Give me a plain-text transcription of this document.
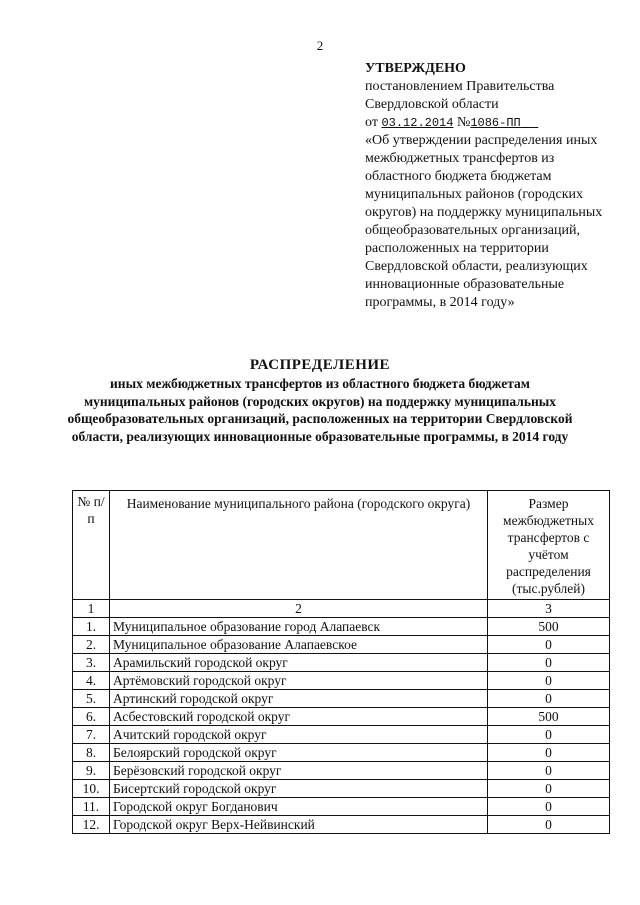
2
УТВЕРЖДЕНО
постановлением Правительства
Свердловской области
от 03.12.2014 №1086-ПП
«Об утверждении распределения иных межбюджетных трансфертов из областного бюджета бюджетам муниципальных районов (городских округов) на поддержку муниципальных общеобразовательных организаций, расположенных на территории Свердловской области, реализующих инновационные образовательные программы, в 2014 году»
РАСПРЕДЕЛЕНИЕ
иных межбюджетных трансфертов из областного бюджета бюджетам муниципальных районов (городских округов) на поддержку муниципальных общеобразовательных организаций, расположенных на территории Свердловской области, реализующих инновационные образовательные программы, в 2014 году
№ п/п	Наименование муниципального района (городского округа)	Размер межбюджетных трансфертов с учётом распределения (тыс.рублей)
1	2	3
1.	Муниципальное образование город Алапаевск	500
2.	Муниципальное образование Алапаевское	0
3.	Арамильский городской округ	0
4.	Артёмовский городской округ	0
5.	Артинский городской округ	0
6.	Асбестовский городской округ	500
7.	Ачитский городской округ	0
8.	Белоярский городской округ	0
9.	Берёзовский городской округ	0
10.	Бисертский городской округ	0
11.	Городской округ Богданович	0
12.	Городской округ Верх-Нейвинский	0
